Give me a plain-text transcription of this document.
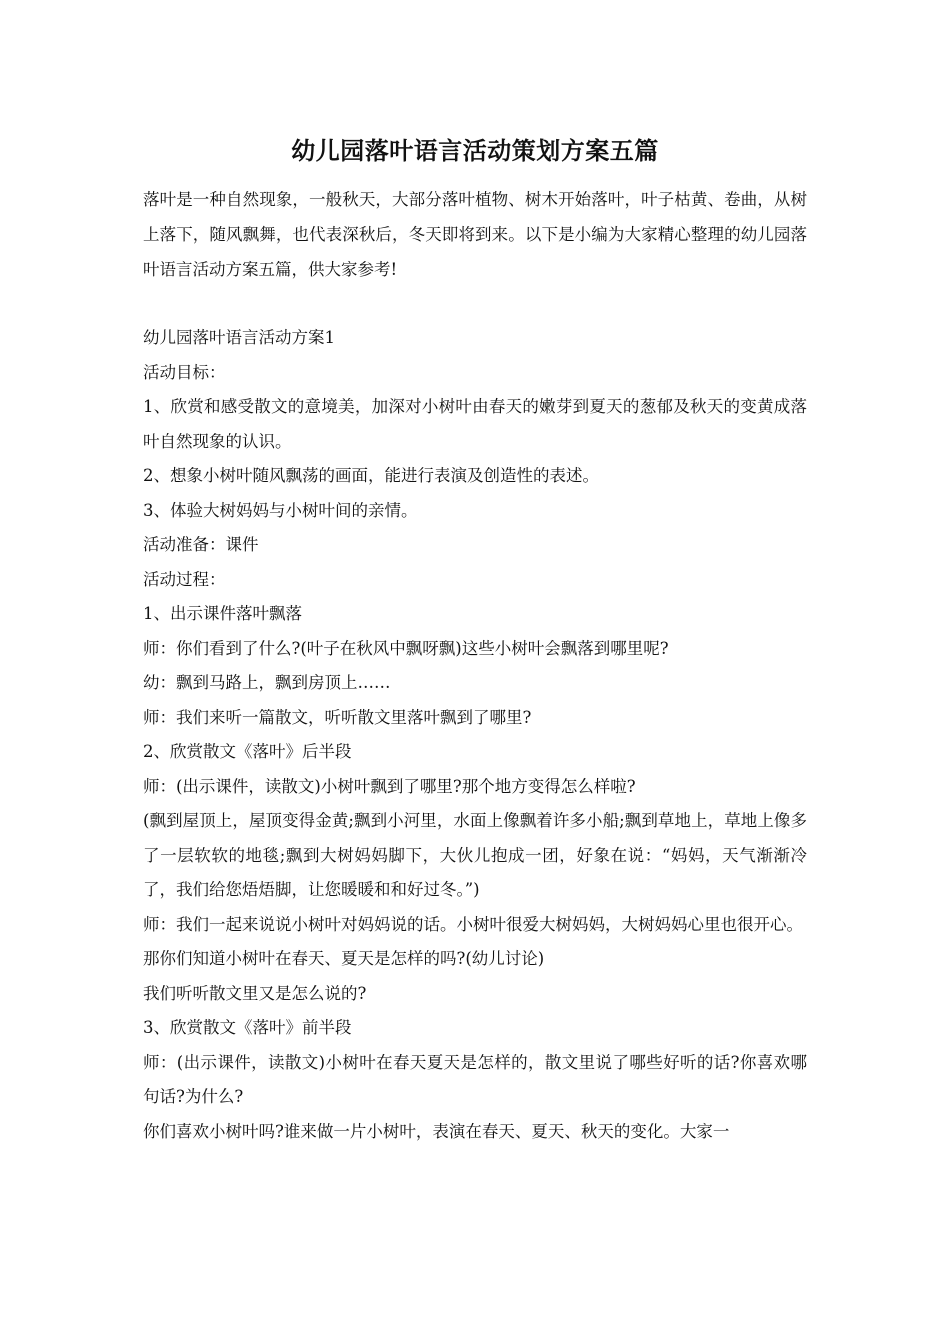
幼儿园落叶语言活动策划方案五篇

落叶是一种自然现象，一般秋天，大部分落叶植物、树木开始落叶，叶子枯黄、卷曲，从树上落下，随风飘舞，也代表深秋后，冬天即将到来。以下是小编为大家精心整理的幼儿园落叶语言活动方案五篇，供大家参考!

幼儿园落叶语言活动方案1
活动目标：
1、欣赏和感受散文的意境美，加深对小树叶由春天的嫩芽到夏天的葱郁及秋天的变黄成落叶自然现象的认识。
2、想象小树叶随风飘荡的画面，能进行表演及创造性的表述。
3、体验大树妈妈与小树叶间的亲情。
活动准备：课件
活动过程：
1、出示课件落叶飘落
师：你们看到了什么?(叶子在秋风中飘呀飘)这些小树叶会飘落到哪里呢?
幼：飘到马路上，飘到房顶上……
师：我们来听一篇散文，听听散文里落叶飘到了哪里?
2、欣赏散文《落叶》后半段
师：(出示课件，读散文)小树叶飘到了哪里?那个地方变得怎么样啦?
(飘到屋顶上，屋顶变得金黄;飘到小河里，水面上像飘着许多小船;飘到草地上，草地上像多了一层软软的地毯;飘到大树妈妈脚下，大伙儿抱成一团，好象在说：“妈妈，天气渐渐冷了，我们给您焐焐脚，让您暖暖和和好过冬。”)
师：我们一起来说说小树叶对妈妈说的话。小树叶很爱大树妈妈，大树妈妈心里也很开心。
那你们知道小树叶在春天、夏天是怎样的吗?(幼儿讨论)
我们听听散文里又是怎么说的?
3、欣赏散文《落叶》前半段
师：(出示课件，读散文)小树叶在春天夏天是怎样的，散文里说了哪些好听的话?你喜欢哪句话?为什么?
你们喜欢小树叶吗?谁来做一片小树叶，表演在春天、夏天、秋天的变化。大家一
